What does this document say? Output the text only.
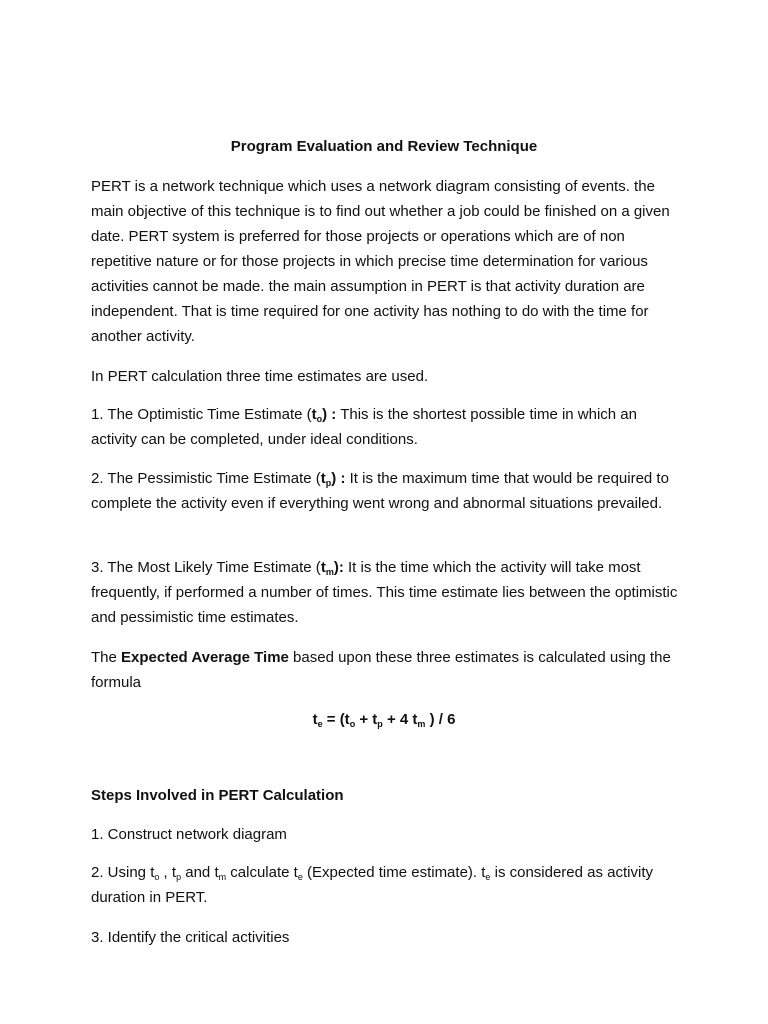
Program Evaluation and Review Technique

PERT is a network technique which uses a network diagram consisting of events. the main objective of this technique is to find out whether a job could be finished on a given date. PERT system is preferred for those projects or operations which are of non repetitive nature or for those projects in which precise time determination for various activities cannot be made. the main assumption in PERT is that activity duration are independent. That is time required for one activity has nothing to do with the time for another activity.

In PERT calculation three time estimates are used.

1. The Optimistic Time Estimate $(t_o)$ : This is the shortest possible time in which an activity can be completed, under ideal conditions.

2. The Pessimistic Time Estimate $(t_p)$ : It is the maximum time that would be required to complete the activity even if everything went wrong and abnormal situations prevailed.

3. The Most Likely Time Estimate $(t_m)$: It is the time which the activity will take most frequently, if performed a number of times. This time estimate lies between the optimistic and pessimistic time estimates.

The Expected Average Time based upon these three estimates is calculated using the formula

$t_e = (t_o + t_p + 4$ $t_m$ ) / 6
Steps Involved in PERT Calculation

1. Construct network diagram

2. Using $t_o$ , $t_p$ and $t_m$ calculate $t_e$ (Expected time estimate). $t_e$ is considered as activity duration in PERT.

3. Identify the critical activities
